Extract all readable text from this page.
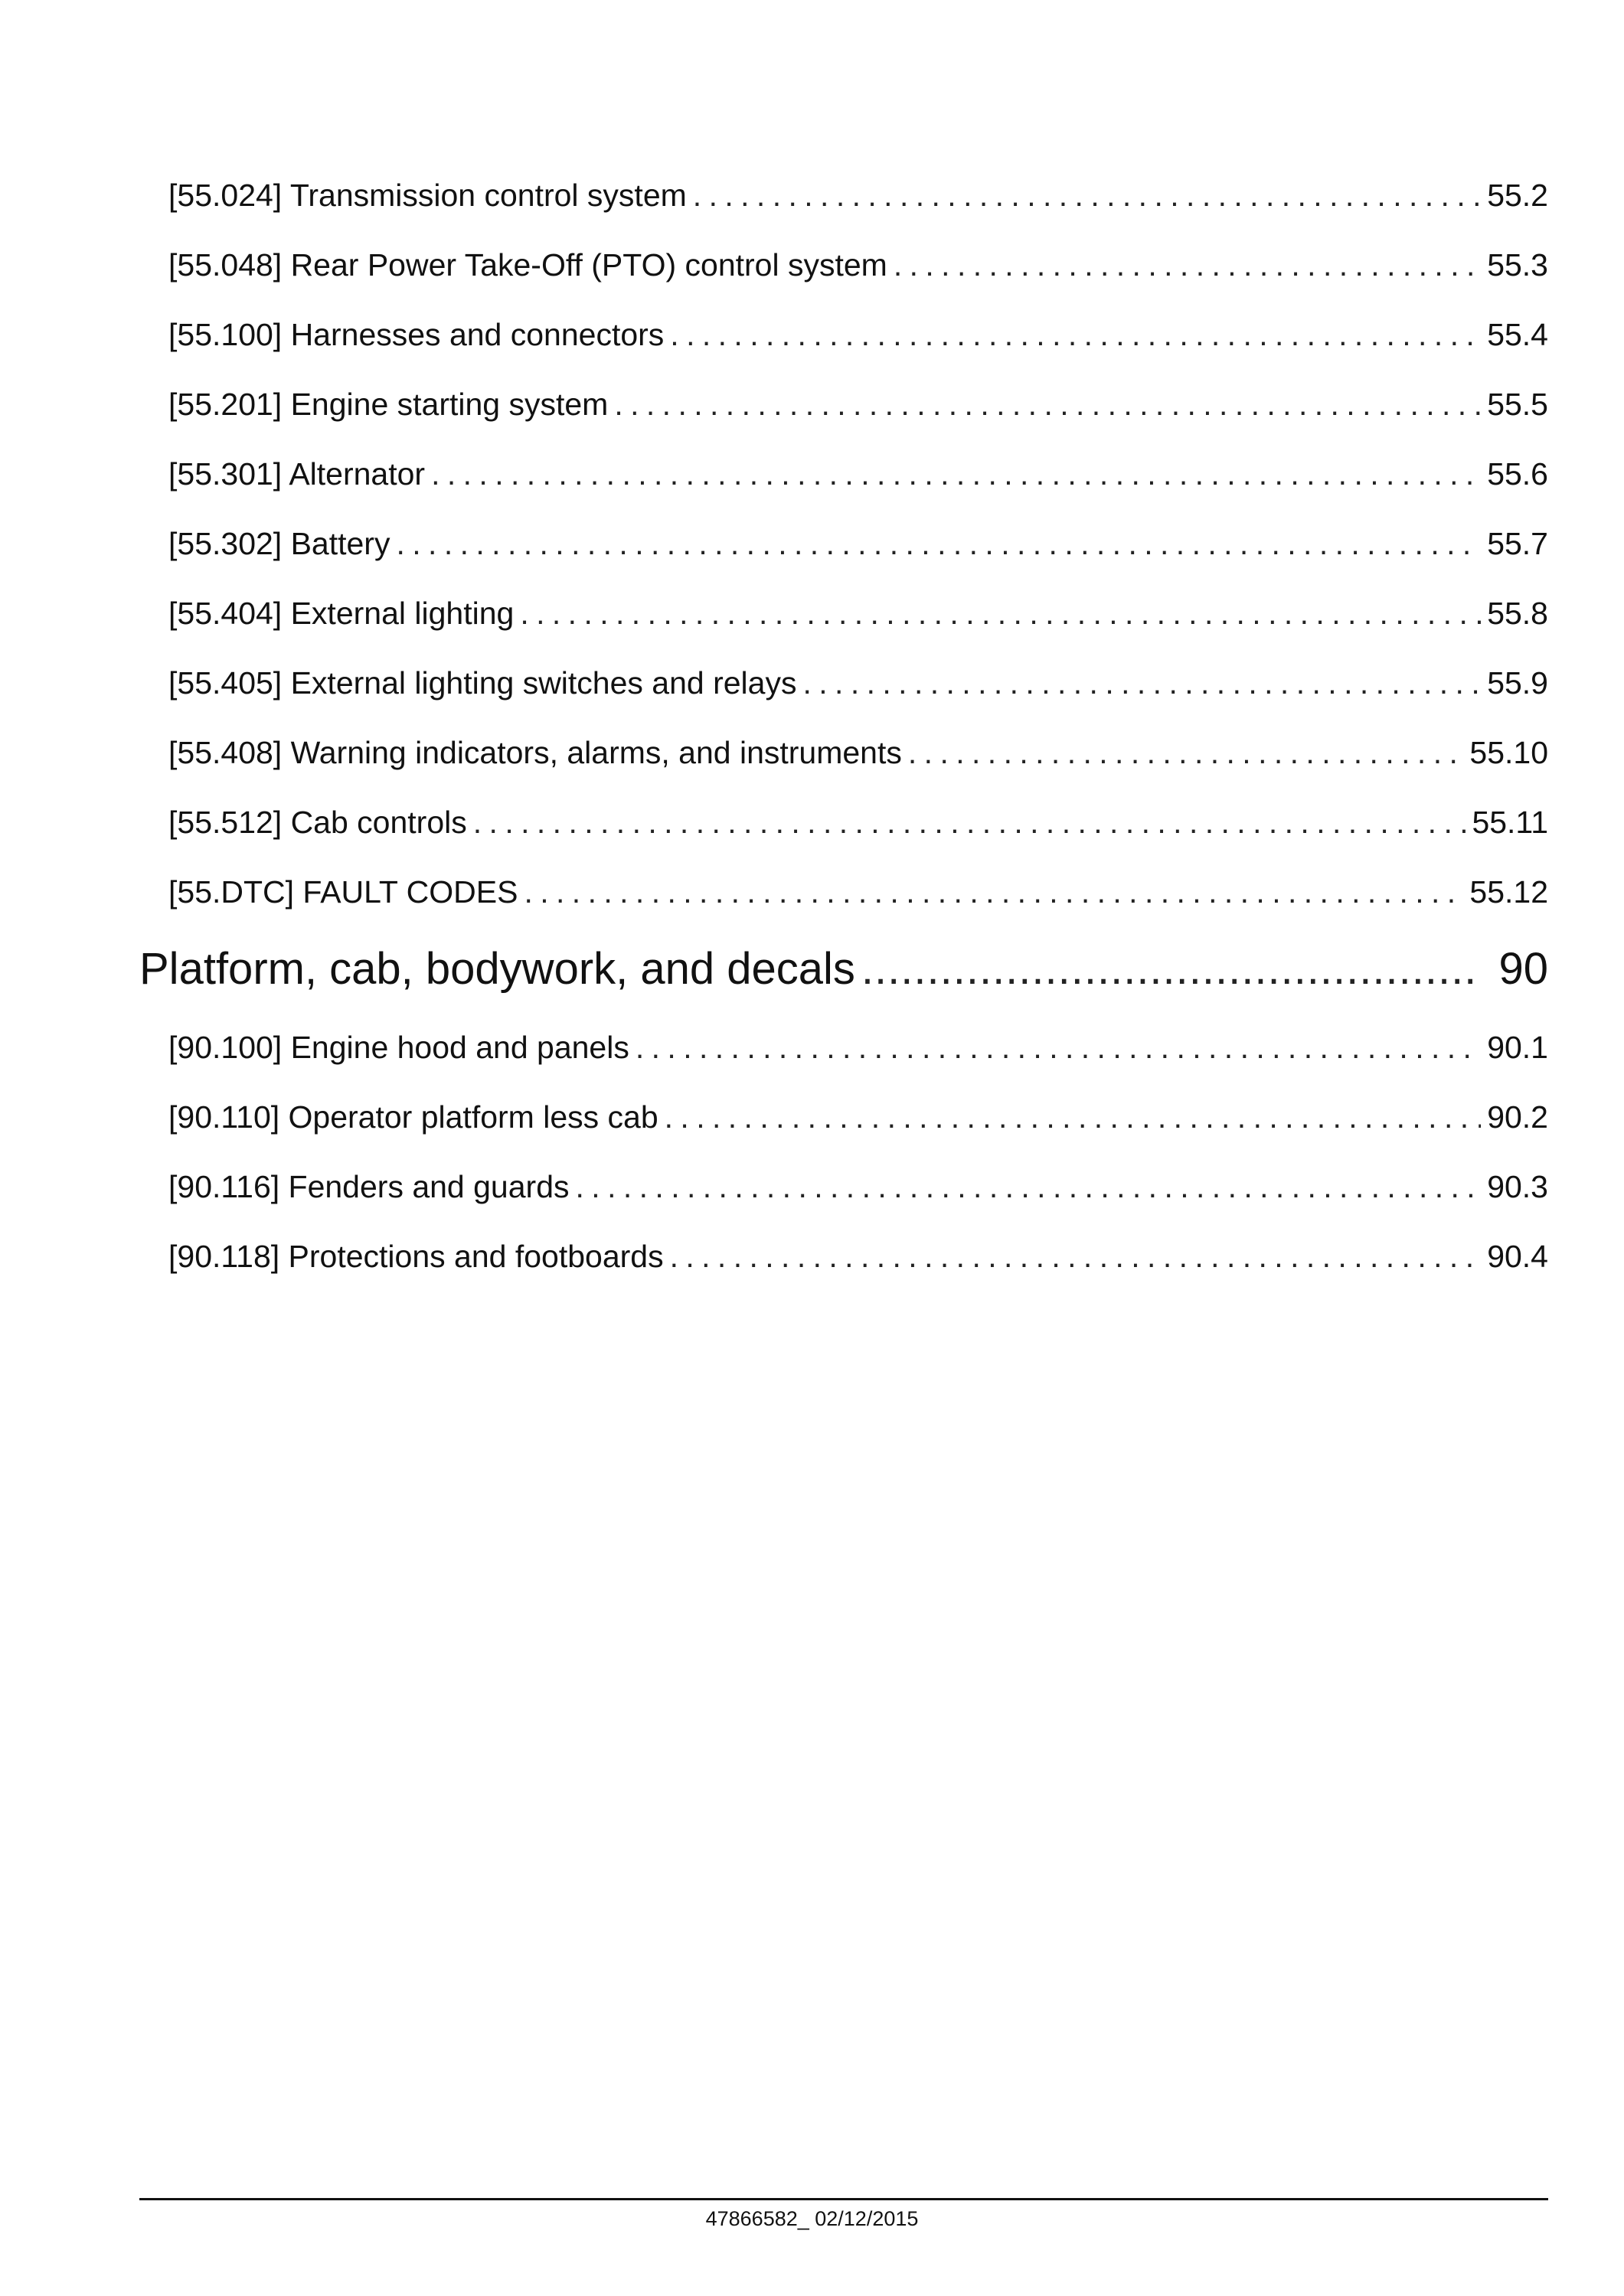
[55.024] Transmission control system . . .	55.2
[55.048] Rear Power Take-Off (PTO) control system . . .	55.3
[55.100] Harnesses and connectors . . .	55.4
[55.201] Engine starting system . . .	55.5
[55.301] Alternator . . .	55.6
[55.302] Battery . . .	55.7
[55.404] External lighting . . .	55.8
[55.405] External lighting switches and relays . . .	55.9
[55.408] Warning indicators, alarms, and instruments . . .	55.10
[55.512] Cab controls . . .	55.11
[55.DTC] FAULT CODES . . .	55.12
Platform, cab, bodywork, and decals .....	90
[90.100] Engine hood and panels . . .	90.1
[90.110] Operator platform less cab . . .	90.2
[90.116] Fenders and guards . . .	90.3
[90.118] Protections and footboards . . .	90.4
47866582_ 02/12/2015
